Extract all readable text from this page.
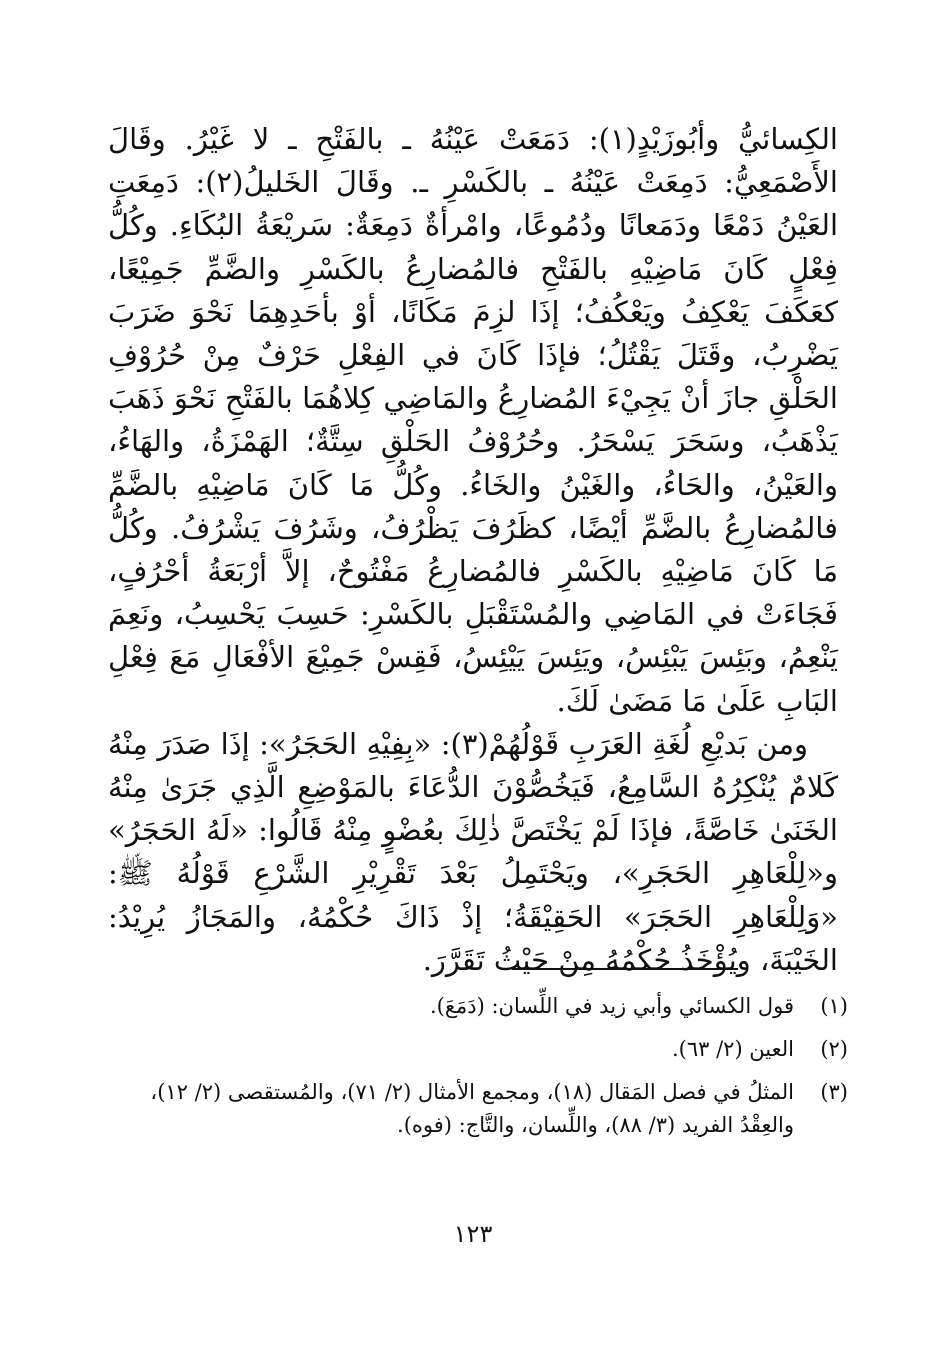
الكِسائيُّ وأبُوزَيْدٍ(١): دَمَعَتْ عَيْنُهُ ـ بالفَتْحِ ـ لا غَيْرُ. وقَالَ الأَصْمَعِيُّ: دَمِعَتْ عَيْنُهُ ـ بالكَسْرِ ـ. وقَالَ الخَليلُ(٢): دَمِعَتِ العَيْنُ دَمْعًا ودَمَعانًا ودُمُوعًا، وامْرأةٌ دَمِعَةٌ: سَريْعَةُ البُكَاءِ. وكُلُّ فِعْلٍ كَانَ مَاضِيْهِ بالفَتْحِ فالمُضارِعُ بالكَسْرِ والضَّمِّ جَمِيْعًا، كعَكَفَ يَعْكِفُ ويَعْكُفُ؛ إذَا لزِمَ مَكَانًا، أوْ بأحَدِهِمَا نَحْوَ ضَرَبَ يَضْرِبُ، وقَتَلَ يَقْتُلُ؛ فإذَا كَانَ في الفِعْلِ حَرْفٌ مِنْ حُرُوْفِ الحَلْقِ جازَ أنْ يَجِيْءَ المُضارِعُ والمَاضِي كِلاهُمَا بالفَتْحِ نَحْوَ ذَهَبَ يَذْهَبُ، وسَحَرَ يَسْحَرُ. وحُرُوْفُ الحَلْقِ سِتَّةٌ؛ الهَمْزَةُ، والهَاءُ، والعَيْنُ، والحَاءُ، والغَيْنُ والخَاءُ. وكُلُّ مَا كَانَ مَاضِيْهِ بالضَّمِّ فالمُضارِعُ بالضَّمِّ أيْضًا، كظَرُفَ يَظْرُفُ، وشَرُفَ يَشْرُفُ. وكُلُّ مَا كَانَ مَاضِيْهِ بالكَسْرِ فالمُضارِعُ مَفْتُوحٌ، إلاَّ أرْبَعَةُ أحْرُفٍ، فَجَاءَتْ في المَاضِي والمُسْتَقْبَلِ بالكَسْرِ: حَسِبَ يَحْسِبُ، ونَعِمَ يَنْعِمُ، وبَئِسَ يَبْئِسُ، ويَئِسَ يَيْئِسُ، فَقِسْ جَمِيْعَ الأفْعَالِ مَعَ فِعْلِ البَابِ عَلَىٰ مَا مَضَىٰ لَكَ.

ومن بَديْعِ لُغَةِ العَرَبِ قَوْلُهُمْ(٣): «بِفِيْهِ الحَجَرُ»: إذَا صَدَرَ مِنْهُ كَلامٌ يُنْكِرُهُ السَّامِعُ، فَيَخُصُّوْنَ الدُّعَاءَ بالمَوْضِعِ الَّذِي جَرَىٰ مِنْهُ الخَنَىٰ خَاصَّةً، فإذَا لَمْ يَخْتَصَّ ذٰلِكَ بعُضْوٍ مِنْهُ قَالُوا: «لَهُ الحَجَرُ» و«لِلْعَاهِرِ الحَجَرِ»، ويَحْتَمِلُ بَعْدَ تَقْرِيْرِ الشَّرْعِ قَوْلُهُ ﷺ: «وَلِلْعَاهِرِ الحَجَرَ» الحَقِيْقَةُ؛ إذْ ذَاكَ حُكْمُهُ، والمَجَازُ يُرِيْدُ: الخَيْبَةَ، ويُؤْخَذُ حُكْمُهُ مِنْ حَيْثُ تَقَرَّرَ.

(١)
قول الكسائي وأبي زيد في اللِّسان: (دَمَعَ).
(٢)
العين (٢/ ٦٣).
(٣)
المثلُ في فصل المَقال (١٨)، ومجمع الأمثال (٢/ ٧١)، والمُستقصى (٢/ ١٢)، والعِقْدُ الفريد (٣/ ٨٨)، واللِّسان، والتَّاج: (فوه).
١٢٣
